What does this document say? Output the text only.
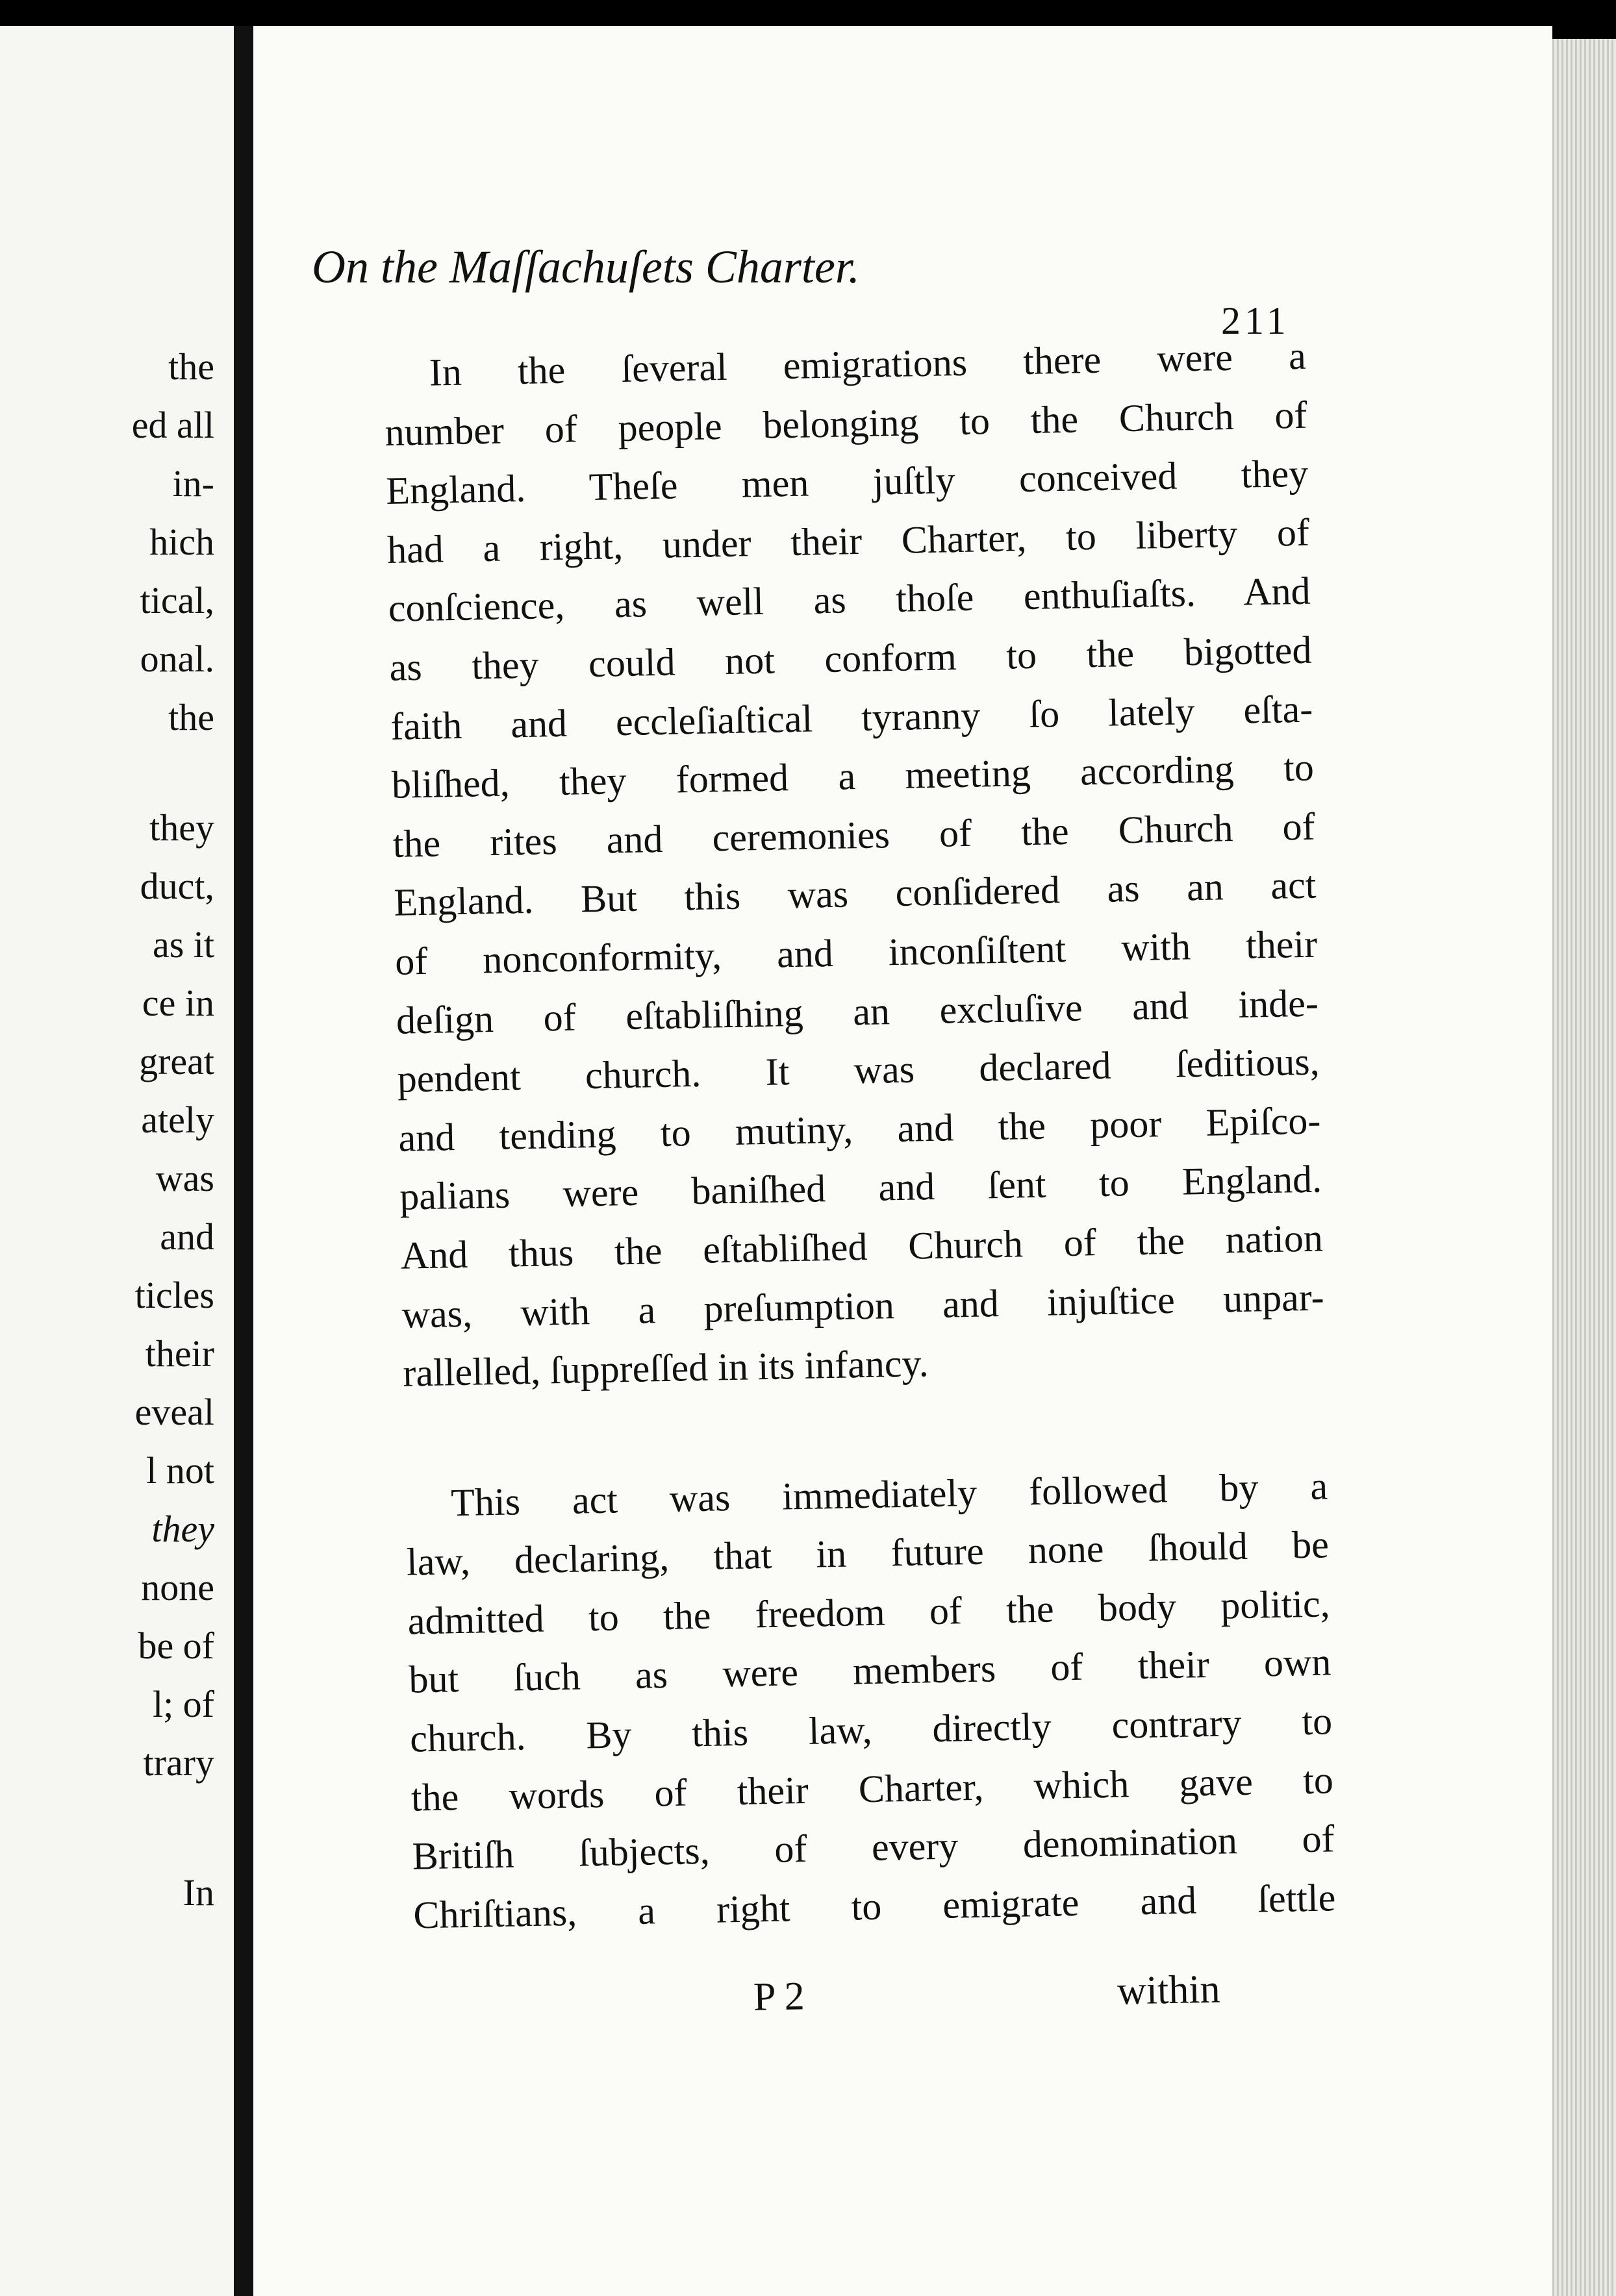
the
ed all
in-
hich
tical,
onal.
the
they
duct,
as it
ce in
great
ately
was
and
ticles
their
eveal
l not
they
none
be of
l; of
trary
In
On the Maſſachuſets Charter.
211

In the ſeveral emigrations there were a
number of people belonging to the Church of
England. Theſe men juſtly conceived they
had a right, under their Charter, to liberty of
conſcience, as well as thoſe enthuſiaſts. And
as they could not conform to the bigotted
faith and eccleſiaſtical tyranny ſo lately eſta-
bliſhed, they formed a meeting according to
the rites and ceremonies of the Church of
England. But this was conſidered as an act
of nonconformity, and inconſiſtent with their
deſign of eſtabliſhing an excluſive and inde-
pendent church. It was declared ſeditious,
and tending to mutiny, and the poor Epiſco-
palians were baniſhed and ſent to England.
And thus the eſtabliſhed Church of the nation
was, with a preſumption and injuſtice unpar-
rallelled, ſuppreſſed in its infancy.

This act was immediately followed by a
law, declaring, that in future none ſhould be
admitted to the freedom of the body politic,
but ſuch as were members of their own
church. By this law, directly contrary to
the words of their Charter, which gave to
Britiſh ſubjects, of every denomination of
Chriſtians, a right to emigrate and ſettle

P 2	within
